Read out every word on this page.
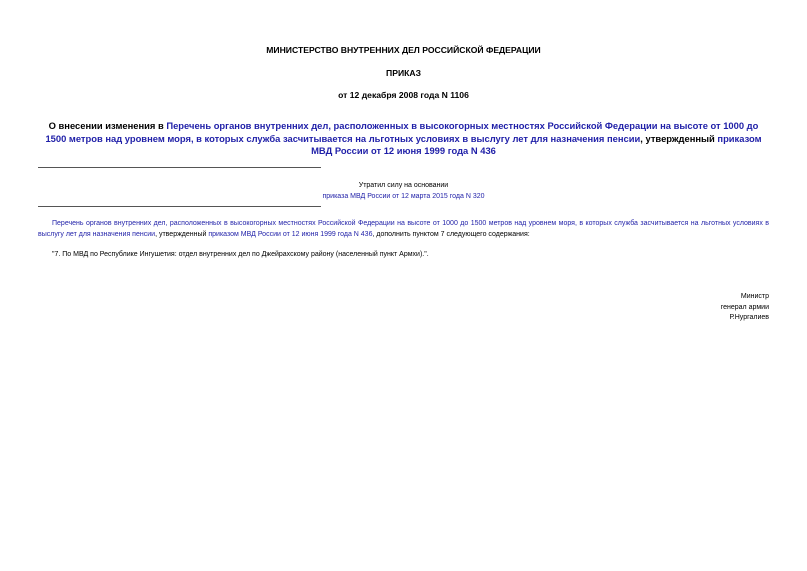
МИНИСТЕРСТВО ВНУТРЕННИХ ДЕЛ РОССИЙСКОЙ ФЕДЕРАЦИИ
ПРИКАЗ
от 12 декабря 2008 года N 1106
О внесении изменения в Перечень органов внутренних дел, расположенных в высокогорных местностях Российской Федерации на высоте от 1000 до 1500 метров над уровнем моря, в которых служба засчитывается на льготных условиях в выслугу лет для назначения пенсии, утвержденный приказом МВД России от 12 июня 1999 года N 436
Утратил силу на основании
приказа МВД России от 12 марта 2015 года N 320
Перечень органов внутренних дел, расположенных в высокогорных местностях Российской Федерации на высоте от 1000 до 1500 метров над уровнем моря, в которых служба засчитывается на льготных условиях в выслугу лет для назначения пенсии, утвержденный приказом МВД России от 12 июня 1999 года N 436, дополнить пунктом 7 следующего содержания:
"7. По МВД по Республике Ингушетия: отдел внутренних дел по Джейрахскому району (населенный пункт Армхи).".
Министр
генерал армии
Р.Нургалиев
